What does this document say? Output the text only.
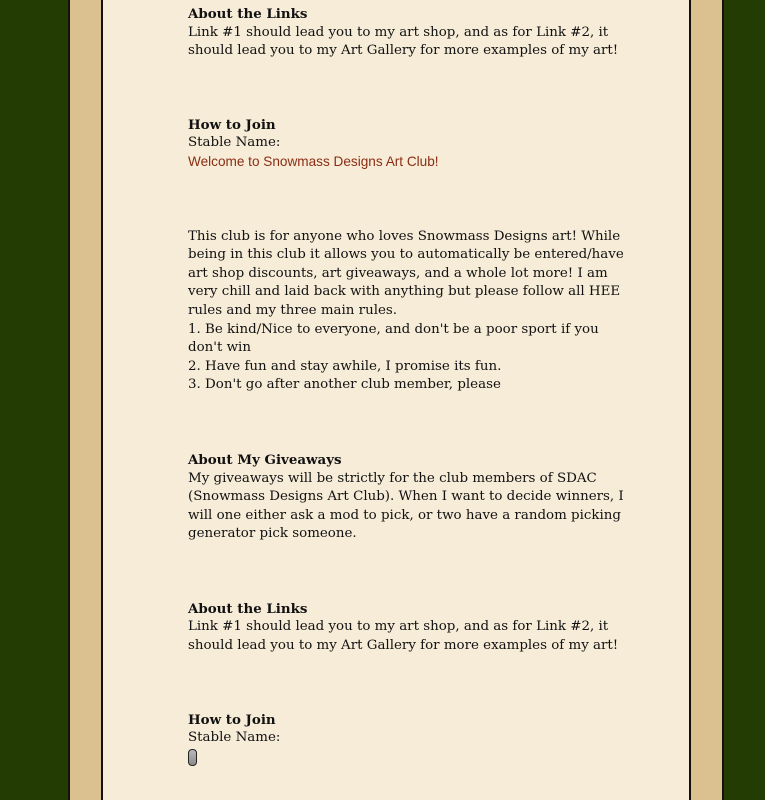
About the Links
Link #1 should lead you to my art shop, and as for Link #2, it
should lead you to my Art Gallery for more examples of my art!
How to Join
Stable Name:
Welcome to Snowmass Designs Art Club!
This club is for anyone who loves Snowmass Designs art! While
being in this club it allows you to automatically be entered/have
art shop discounts, art giveaways, and a whole lot more! I am
very chill and laid back with anything but please follow all HEE
rules and my three main rules.
1. Be kind/Nice to everyone, and don't be a poor sport if you
don't win
2. Have fun and stay awhile, I promise its fun.
3. Don't go after another club member, please
About My Giveaways
My giveaways will be strictly for the club members of SDAC
(Snowmass Designs Art Club). When I want to decide winners, I
will one either ask a mod to pick, or two have a random picking
generator pick someone.
About the Links
Link #1 should lead you to my art shop, and as for Link #2, it
should lead you to my Art Gallery for more examples of my art!
How to Join
Stable Name:
